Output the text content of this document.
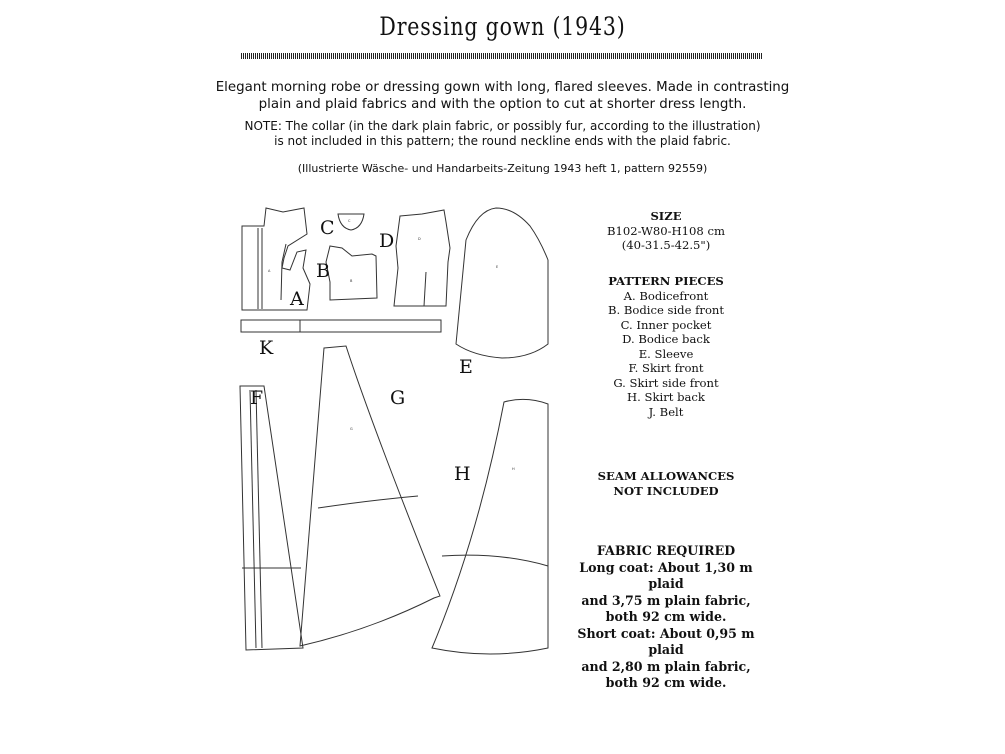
Dressing gown (1943)
Elegant morning robe or dressing gown with long, flared sleeves. Made in contrasting
plain and plaid fabrics and with the option to cut at shorter dress length.
NOTE: The collar (in the dark plain fabric, or possibly fur, according to the illustration)
is not included in this pattern; the round neckline ends with the plaid fabric.
(Illustrierte Wäsche- und Handarbeits-Zeitung 1943 heft 1, pattern 92559)
SIZE
B102-W80-H108 cm
(40-31.5-42.5")
PATTERN PIECES
A. Bodicefront
B. Bodice side front
C. Inner pocket
D. Bodice back
E. Sleeve
F. Skirt front
G. Skirt side front
H. Skirt back
J. Belt
SEAM ALLOWANCES
NOT INCLUDED
FABRIC REQUIRED
Long coat: About 1,30 m plaid
and 3,75 m plain fabric,
both 92 cm wide.
Short coat: About 0,95 m plaid
and 2,80 m plain fabric,
both 92 cm wide.
A
C
B
D
E
G
H
A
B
C
D
E
F	G
H
K
